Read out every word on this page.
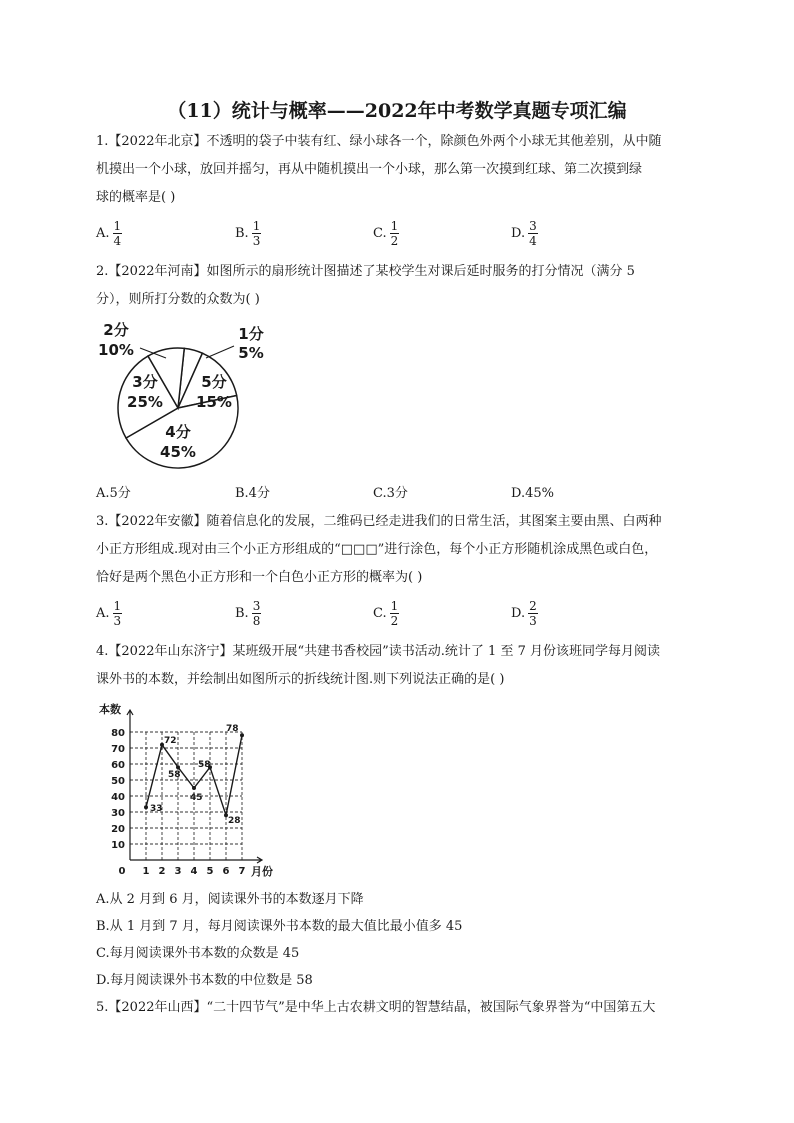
（11）统计与概率——2022年中考数学真题专项汇编
1.【2022年北京】不透明的袋子中装有红、绿小球各一个，除颜色外两个小球无其他差别，从中随
机摸出一个小球，放回并摇匀，再从中随机摸出一个小球，那么第一次摸到红球、第二次摸到绿
球的概率是( )
A. $\frac{1}{4}$	B. $\frac{1}{3}$	C. $\frac{1}{2}$	D. $\frac{3}{4}$
2.【2022年河南】如图所示的扇形统计图描述了某校学生对课后延时服务的打分情况（满分 5
分），则所打分数的众数为( )
2分
10%
1分
5%
5分
15%
3分
25%
4分
45%
A.5分	B.4分	C.3分	D.45%
3.【2022年安徽】随着信息化的发展，二维码已经走进我们的日常生活，其图案主要由黑、白两种
小正方形组成.现对由三个小正方形组成的“□□□”进行涂色，每个小正方形随机涂成黑色或白色，
恰好是两个黑色小正方形和一个白色小正方形的概率为( )
A. $\frac{1}{3}$	B. $\frac{3}{8}$	C. $\frac{1}{2}$	D. $\frac{2}{3}$
4.【2022年山东济宁】某班级开展“共建书香校园”读书活动.统计了 1 至 7 月份该班同学每月阅读
课外书的本数，并绘制出如图所示的折线统计图.则下列说法正确的是( )
本数
月份
10
20
30
40
50
60
70
80
0 1 2 3 4 5 6 7
33
72
58
45
58
28
78
A.从 2 月到 6 月，阅读课外书的本数逐月下降
B.从 1 月到 7 月，每月阅读课外书本数的最大值比最小值多 45
C.每月阅读课外书本数的众数是 45
D.每月阅读课外书本数的中位数是 58
5.【2022年山西】“二十四节气”是中华上古农耕文明的智慧结晶，被国际气象界誉为“中国第五大
